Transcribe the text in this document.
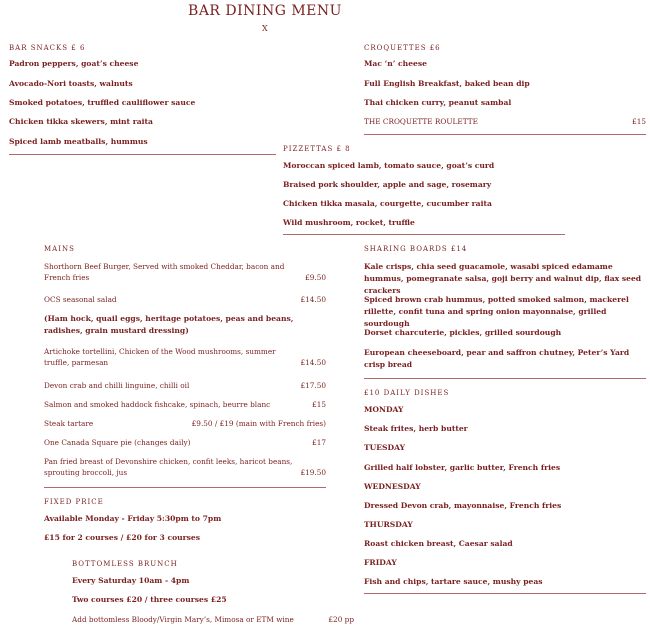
BAR DINING MENU
X
BAR SNACKS £ 6
Padron peppers, goat’s cheese
Avocado-Nori toasts, walnuts
Smoked potatoes, truffled cauliflower sauce
Chicken tikka skewers, mint raita
Spiced lamb meatballs, hummus
CROQUETTES £6
Mac ‘n’ cheese
Full English Breakfast, baked bean dip
Thai chicken curry, peanut sambal
THE CROQUETTE ROULETTE	£15
PIZZETTAS £ 8
Moroccan spiced lamb, tomato sauce, goat’s curd
Braised pork shoulder, apple and sage, rosemary
Chicken tikka masala, courgette, cucumber raita
Wild mushroom, rocket, truffle
MAINS
Shorthorn Beef Burger, Served with smoked Cheddar, bacon and French fries	£9.50
OCS seasonal salad	£14.50
(Ham hock, quail eggs, heritage potatoes, peas and beans, radishes, grain mustard dressing)
Artichoke tortellini, Chicken of the Wood mushrooms, summer truffle, parmesan	£14.50
Devon crab and chilli linguine, chilli oil	£17.50
Salmon and smoked haddock fishcake, spinach, beurre blanc	£15
Steak tartare	£9.50 / £19 (main with French fries)
One Canada Square pie (changes daily)	£17
Pan fried breast of Devonshire chicken, confit leeks, haricot beans, sprouting broccoli, jus	£19.50
FIXED PRICE
Available Monday - Friday 5:30pm to 7pm
£15 for 2 courses / £20 for 3 courses
BOTTOMLESS BRUNCH
Every Saturday 10am - 4pm
Two courses £20 / three courses £25
Add bottomless Bloody/Virgin Mary’s, Mimosa or ETM wine	£20 pp
SHARING BOARDS £14
Kale crisps, chia seed guacamole, wasabi spiced edamame hummus, pomegranate salsa, goji berry and walnut dip, flax seed crackers
Spiced brown crab hummus, potted smoked salmon, mackerel rillette, confit tuna and spring onion mayonnaise, grilled sourdough
Dorset charcuterie, pickles, grilled sourdough
European cheeseboard, pear and saffron chutney, Peter’s Yard crisp bread
£10 DAILY DISHES
MONDAY
Steak frites, herb butter
TUESDAY
Grilled half lobster, garlic butter, French fries
WEDNESDAY
Dressed Devon crab, mayonnaise, French fries
THURSDAY
Roast chicken breast, Caesar salad
FRIDAY
Fish and chips, tartare sauce, mushy peas
